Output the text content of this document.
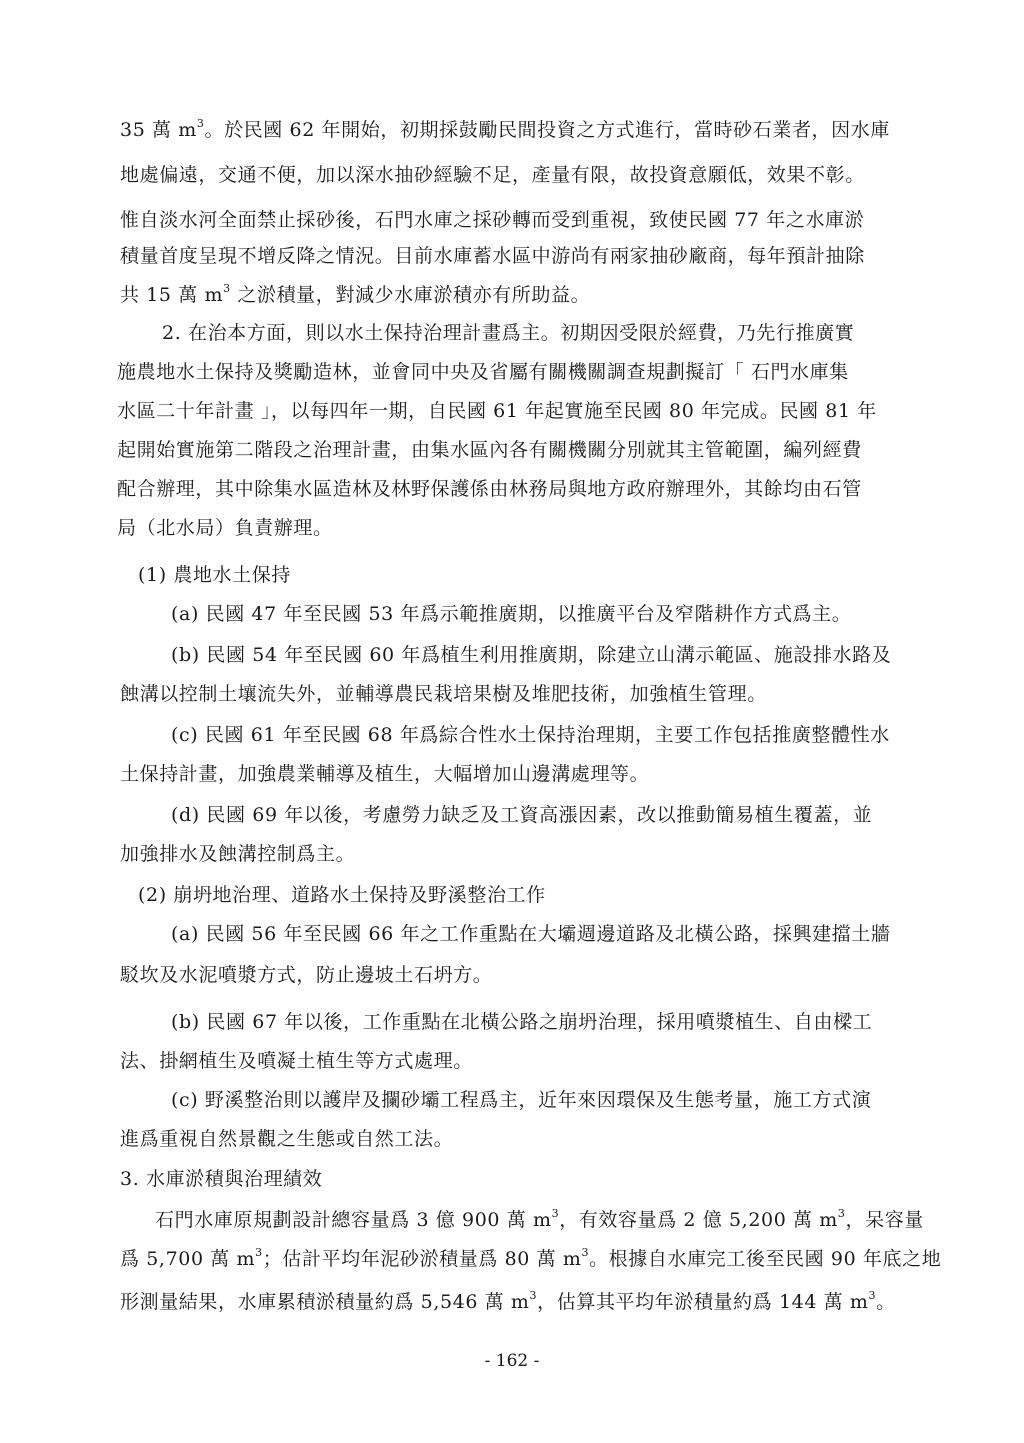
35 萬 $m^3$。於民國 62 年開始，初期採鼓勵民間投資之方式進行，當時砂石業者，因水庫
地處偏遠，交通不便，加以深水抽砂經驗不足，產量有限，故投資意願低，效果不彰。
惟自淡水河全面禁止採砂後，石門水庫之採砂轉而受到重視，致使民國 77 年之水庫淤
積量首度呈現不增反降之情況。目前水庫蓄水區中游尚有兩家抽砂廠商，每年預計抽除
共 15 萬 $m^3$ 之淤積量，對減少水庫淤積亦有所助益。
2. 在治本方面，則以水土保持治理計畫爲主。初期因受限於經費，乃先行推廣實
施農地水土保持及獎勵造林，並會同中央及省屬有關機關調查規劃擬訂「 石門水庫集
水區二十年計畫 」，以每四年一期，自民國 61 年起實施至民國 80 年完成。民國 81 年
起開始實施第二階段之治理計畫，由集水區內各有關機關分別就其主管範圍，編列經費
配合辦理，其中除集水區造林及林野保護係由林務局與地方政府辦理外，其餘均由石管
局（北水局）負責辦理。
(1) 農地水土保持
(a) 民國 47 年至民國 53 年爲示範推廣期，以推廣平台及窄階耕作方式爲主。
(b) 民國 54 年至民國 60 年爲植生利用推廣期，除建立山溝示範區、施設排水路及
蝕溝以控制土壤流失外，並輔導農民栽培果樹及堆肥技術，加強植生管理。
(c) 民國 61 年至民國 68 年爲綜合性水土保持治理期，主要工作包括推廣整體性水
土保持計畫，加強農業輔導及植生，大幅增加山邊溝處理等。
(d) 民國 69 年以後，考慮勞力缺乏及工資高漲因素，改以推動簡易植生覆蓋，並
加強排水及蝕溝控制爲主。
(2) 崩坍地治理、道路水土保持及野溪整治工作
(a) 民國 56 年至民國 66 年之工作重點在大壩週邊道路及北橫公路，採興建擋土牆
駁坎及水泥噴漿方式，防止邊坡土石坍方。
(b) 民國 67 年以後，工作重點在北橫公路之崩坍治理，採用噴漿植生、自由樑工
法、掛網植生及噴凝土植生等方式處理。
(c) 野溪整治則以護岸及攔砂壩工程爲主，近年來因環保及生態考量，施工方式演
進爲重視自然景觀之生態或自然工法。
3. 水庫淤積與治理績效
石門水庫原規劃設計總容量爲 3 億 900 萬 $m^3$，有效容量爲 2 億 5,200 萬 $m^3$，呆容量
爲 5,700 萬 $m^3$；估計平均年泥砂淤積量爲 80 萬 $m^3$。根據自水庫完工後至民國 90 年底之地
形測量結果，水庫累積淤積量約爲 5,546 萬 $m^3$，估算其平均年淤積量約爲 144 萬 $m^3$。
- 162 -
